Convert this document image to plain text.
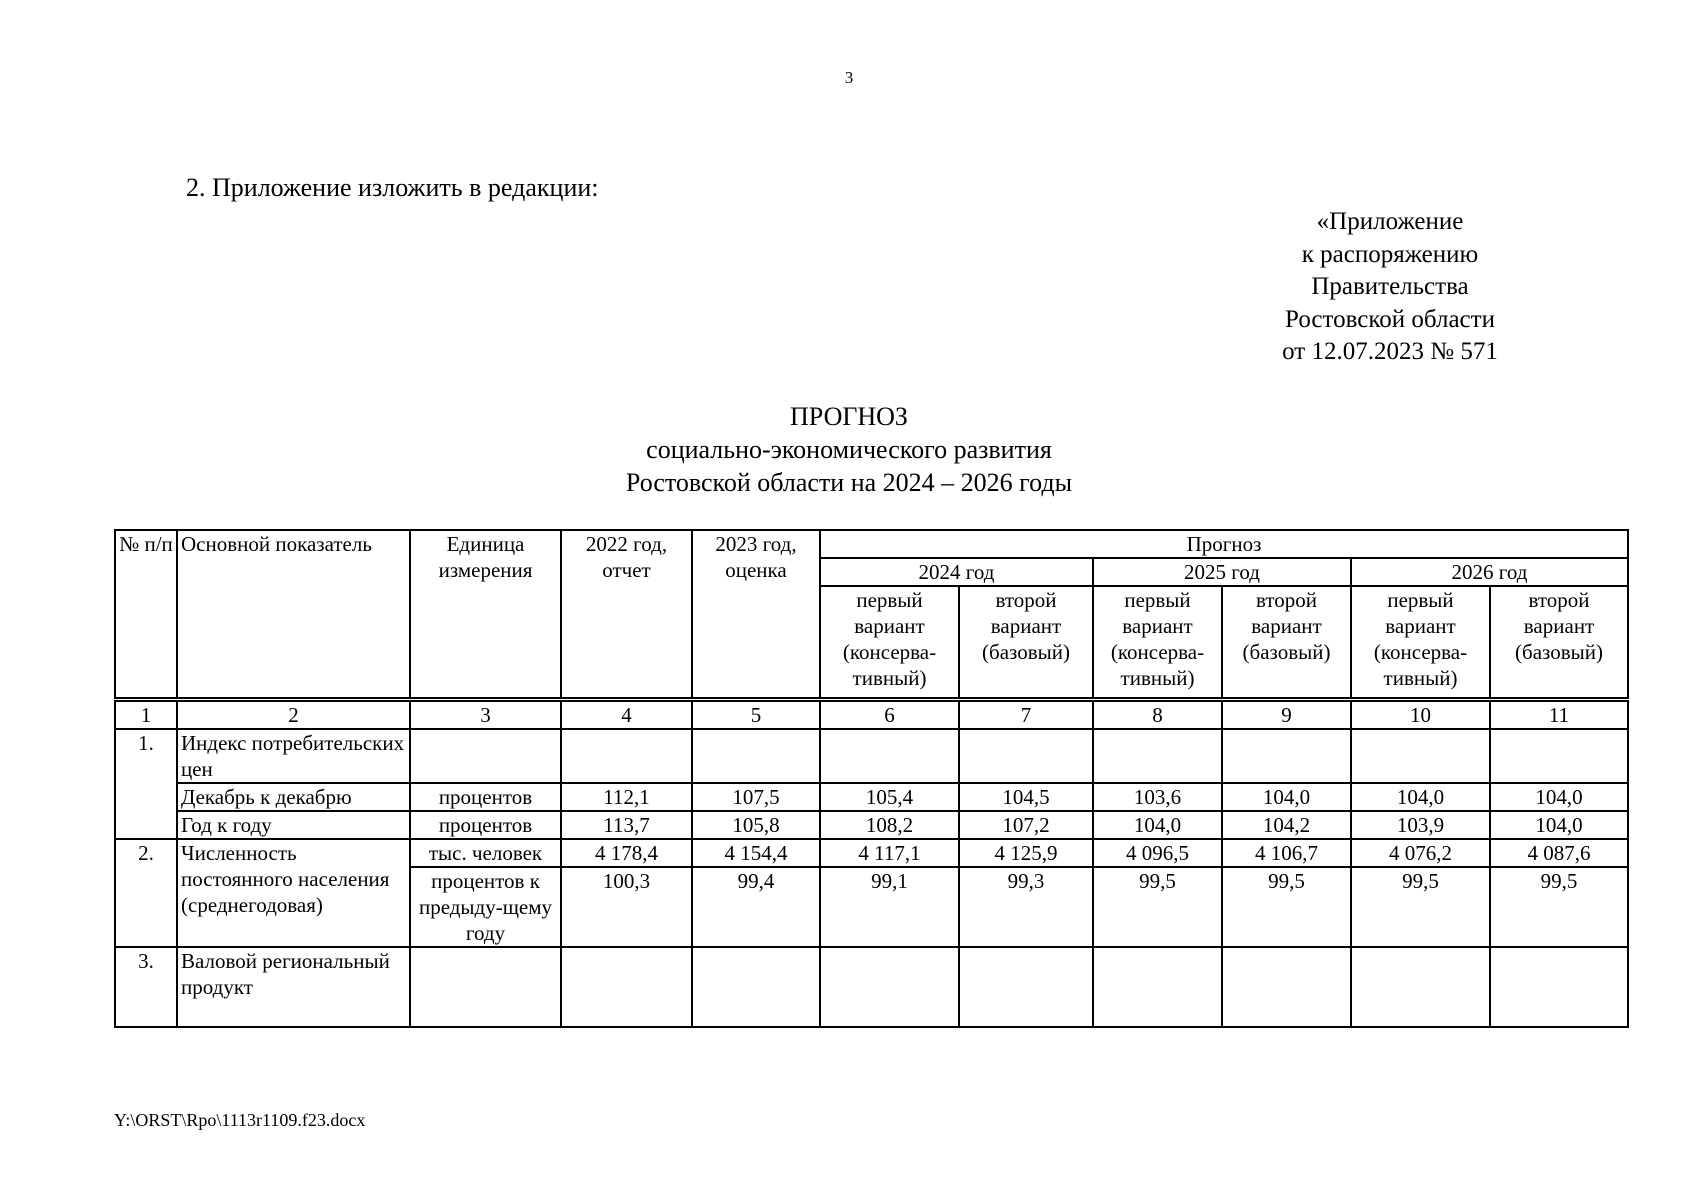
3
2. Приложение изложить в редакции:
«Приложение
к распоряжению
Правительства
Ростовской области
от 12.07.2023 № 571
ПРОГНОЗ
социально-экономического развития
Ростовской области на 2024 – 2026 годы
№ п/п	Основной показатель	Единица измерения	2022 год, отчет	2023 год, оценка	Прогноз					
					2024 год		2025 год		2026 год	
					первый вариант (консерва-тивный)	второй вариант (базовый)	первый вариант (консерва-тивный)	второй вариант (базовый)	первый вариант (консерва-тивный)	второй вариант (базовый)
1	2	3	4	5	6	7	8	9	10	11
1.	Индекс потребительских цен									
	Декабрь к декабрю	процентов	112,1	107,5	105,4	104,5	103,6	104,0	104,0	104,0
	Год к году	процентов	113,7	105,8	108,2	107,2	104,0	104,2	103,9	104,0
2.	Численность постоянного населения (среднегодовая)	тыс. человек	4 178,4	4 154,4	4 117,1	4 125,9	4 096,5	4 106,7	4 076,2	4 087,6
		процентов к предыду-щему году	100,3	99,4	99,1	99,3	99,5	99,5	99,5	99,5
3.	Валовой региональный продукт									
Y:\ORST\Rpo\1113r1109.f23.docx
